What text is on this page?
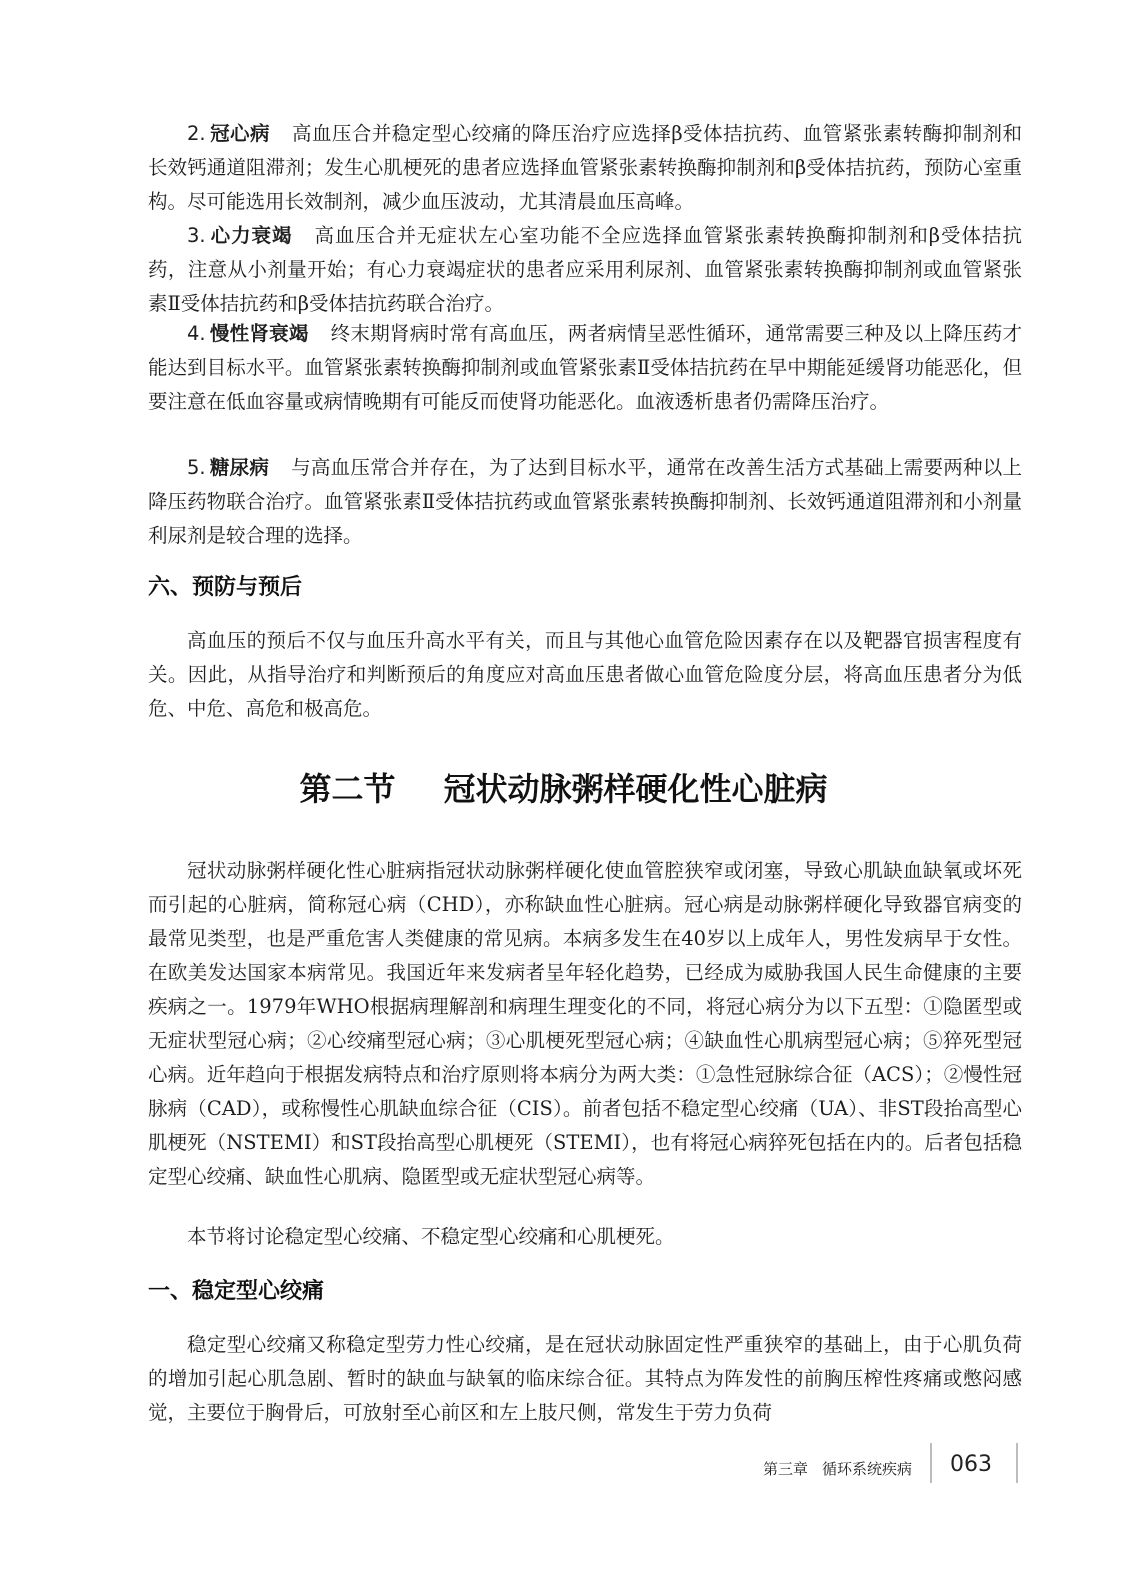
2. 冠心病 高血压合并稳定型心绞痛的降压治疗应选择β受体拮抗药、血管紧张素转酶抑制剂和长效钙通道阻滞剂；发生心肌梗死的患者应选择血管紧张素转换酶抑制剂和β受体拮抗药，预防心室重构。尽可能选用长效制剂，减少血压波动，尤其清晨血压高峰。

3. 心力衰竭 高血压合并无症状左心室功能不全应选择血管紧张素转换酶抑制剂和β受体拮抗药，注意从小剂量开始；有心力衰竭症状的患者应采用利尿剂、血管紧张素转换酶抑制剂或血管紧张素Ⅱ受体拮抗药和β受体拮抗药联合治疗。

4. 慢性肾衰竭 终末期肾病时常有高血压，两者病情呈恶性循环，通常需要三种及以上降压药才能达到目标水平。血管紧张素转换酶抑制剂或血管紧张素Ⅱ受体拮抗药在早中期能延缓肾功能恶化，但要注意在低血容量或病情晚期有可能反而使肾功能恶化。血液透析患者仍需降压治疗。

5. 糖尿病 与高血压常合并存在，为了达到目标水平，通常在改善生活方式基础上需要两种以上降压药物联合治疗。血管紧张素Ⅱ受体拮抗药或血管紧张素转换酶抑制剂、长效钙通道阻滞剂和小剂量利尿剂是较合理的选择。

六、预防与预后

高血压的预后不仅与血压升高水平有关，而且与其他心血管危险因素存在以及靶器官损害程度有关。因此，从指导治疗和判断预后的角度应对高血压患者做心血管危险度分层，将高血压患者分为低危、中危、高危和极高危。

第二节 冠状动脉粥样硬化性心脏病

冠状动脉粥样硬化性心脏病指冠状动脉粥样硬化使血管腔狭窄或闭塞，导致心肌缺血缺氧或坏死而引起的心脏病，简称冠心病（CHD），亦称缺血性心脏病。冠心病是动脉粥样硬化导致器官病变的最常见类型，也是严重危害人类健康的常见病。本病多发生在40岁以上成年人，男性发病早于女性。在欧美发达国家本病常见。我国近年来发病者呈年轻化趋势，已经成为威胁我国人民生命健康的主要疾病之一。1979年WHO根据病理解剖和病理生理变化的不同，将冠心病分为以下五型：①隐匿型或无症状型冠心病；②心绞痛型冠心病；③心肌梗死型冠心病；④缺血性心肌病型冠心病；⑤猝死型冠心病。近年趋向于根据发病特点和治疗原则将本病分为两大类：①急性冠脉综合征（ACS）；②慢性冠脉病（CAD），或称慢性心肌缺血综合征（CIS）。前者包括不稳定型心绞痛（UA）、非ST段抬高型心肌梗死（NSTEMI）和ST段抬高型心肌梗死（STEMI），也有将冠心病猝死包括在内的。后者包括稳定型心绞痛、缺血性心肌病、隐匿型或无症状型冠心病等。

本节将讨论稳定型心绞痛、不稳定型心绞痛和心肌梗死。

一、稳定型心绞痛

稳定型心绞痛又称稳定型劳力性心绞痛，是在冠状动脉固定性严重狭窄的基础上，由于心肌负荷的增加引起心肌急剧、暂时的缺血与缺氧的临床综合征。其特点为阵发性的前胸压榨性疼痛或憋闷感觉，主要位于胸骨后，可放射至心前区和左上肢尺侧，常发生于劳力负荷

第三章 循环系统疾病 063
